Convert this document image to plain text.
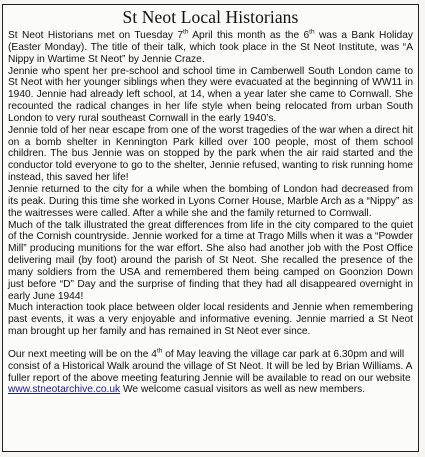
St Neot Local Historians

St Neot Historians met on Tuesday 7th April this month as the 6th was a Bank Holiday (Easter Monday). The title of their talk, which took place in the St Neot Institute, was “A Nippy in Wartime St Neot” by Jennie Craze.

Jennie who spent her pre-school and school time in Camberwell South London came to St Neot with her younger siblings when they were evacuated at the beginning of WW11 in 1940. Jennie had already left school, at 14, when a year later she came to Cornwall. She recounted the radical changes in her life style when being relocated from urban South London to very rural southeast Cornwall in the early 1940’s.

Jennie told of her near escape from one of the worst tragedies of the war when a direct hit on a bomb shelter in Kennington Park killed over 100 people, most of them school children. The bus Jennie was on stopped by the park when the air raid started and the conductor told everyone to go to the shelter, Jennie refused, wanting to risk running home instead, this saved her life!

Jennie returned to the city for a while when the bombing of London had decreased from its peak. During this time she worked in Lyons Corner House, Marble Arch as a “Nippy” as the waitresses were called. After a while she and the family returned to Cornwall.

Much of the talk illustrated the great differences from life in the city compared to the quiet of the Cornish countryside. Jennie worked for a time at Trago Mills when it was a “Powder Mill” producing munitions for the war effort. She also had another job with the Post Office delivering mail (by foot) around the parish of St Neot. She recalled the presence of the many soldiers from the USA and remembered them being camped on Goonzion Down just before “D” Day and the surprise of finding that they had all disappeared overnight in early June 1944!

Much interaction took place between older local residents and Jennie when remembering past events, it was a very enjoyable and informative evening. Jennie married a St Neot man brought up her family and has remained in St Neot ever since.

Our next meeting will be on the 4th of May leaving the village car park at 6.30pm and will consist of a Historical Walk around the village of St Neot. It will be led by Brian Williams. A fuller report of the above meeting featuring Jennie will be available to read on our website www.stneotarchive.co.uk We welcome casual visitors as well as new members.
